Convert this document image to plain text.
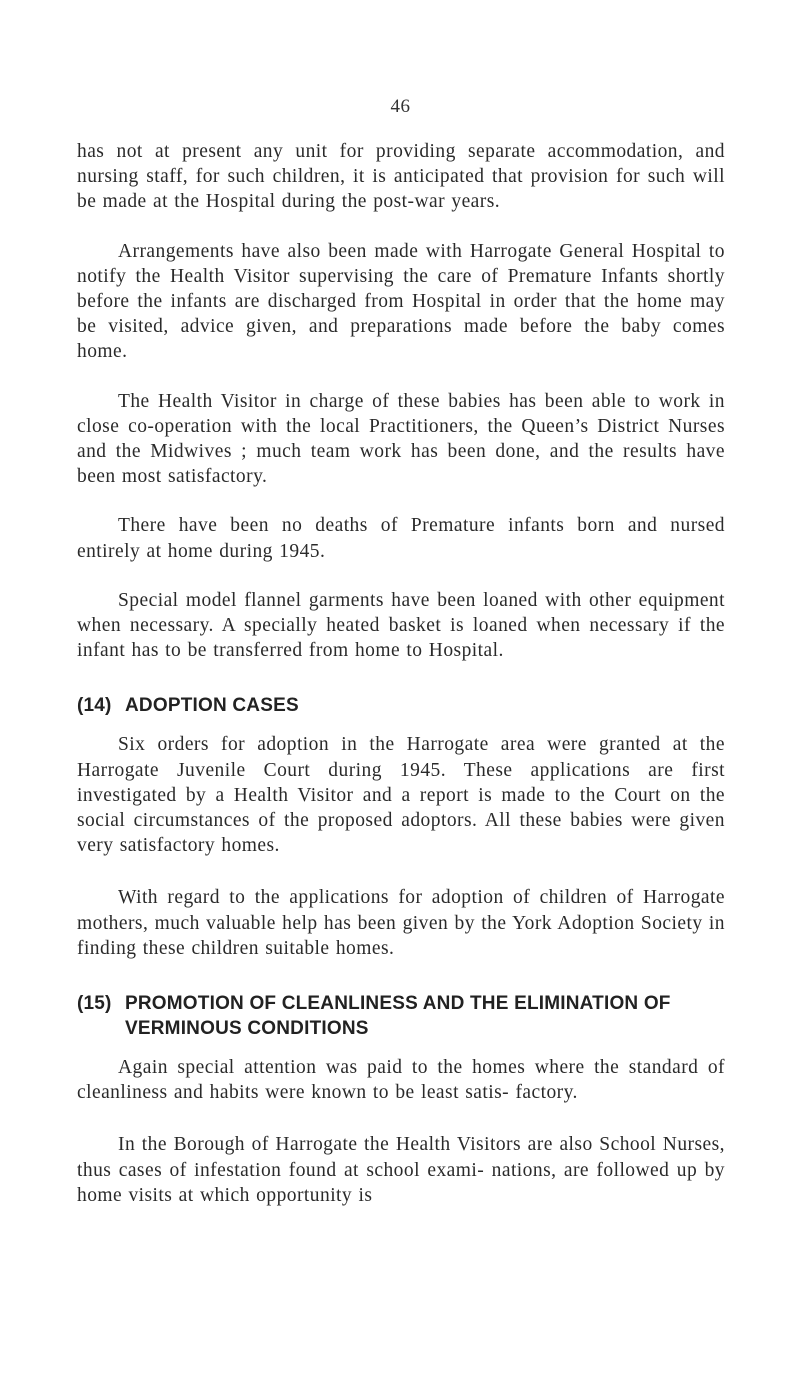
46

has not at present any unit for providing separate accommodation, and nursing staff, for such children, it is anticipated that provision for such will be made at the Hospital during the post-war years.

Arrangements have also been made with Harrogate General Hospital to notify the Health Visitor supervising the care of Premature Infants shortly before the infants are discharged from Hospital in order that the home may be visited, advice given, and preparations made before the baby comes home.

The Health Visitor in charge of these babies has been able to work in close co-operation with the local Practitioners, the Queen’s District Nurses and the Midwives ; much team work has been done, and the results have been most satisfactory.

There have been no deaths of Premature infants born and nursed entirely at home during 1945.

Special model flannel garments have been loaned with other equipment when necessary. A specially heated basket is loaned when necessary if the infant has to be transferred from home to Hospital.

(14) ADOPTION CASES

Six orders for adoption in the Harrogate area were granted at the Harrogate Juvenile Court during 1945. These applications are first investigated by a Health Visitor and a report is made to the Court on the social circumstances of the proposed adoptors. All these babies were given very satisfactory homes.

With regard to the applications for adoption of children of Harrogate mothers, much valuable help has been given by the York Adoption Society in finding these children suitable homes.

(15) PROMOTION OF CLEANLINESS AND THE ELIMINATION OF VERMINOUS CONDITIONS

Again special attention was paid to the homes where the standard of cleanliness and habits were known to be least satis- factory.

In the Borough of Harrogate the Health Visitors are also School Nurses, thus cases of infestation found at school exami- nations, are followed up by home visits at which opportunity is
